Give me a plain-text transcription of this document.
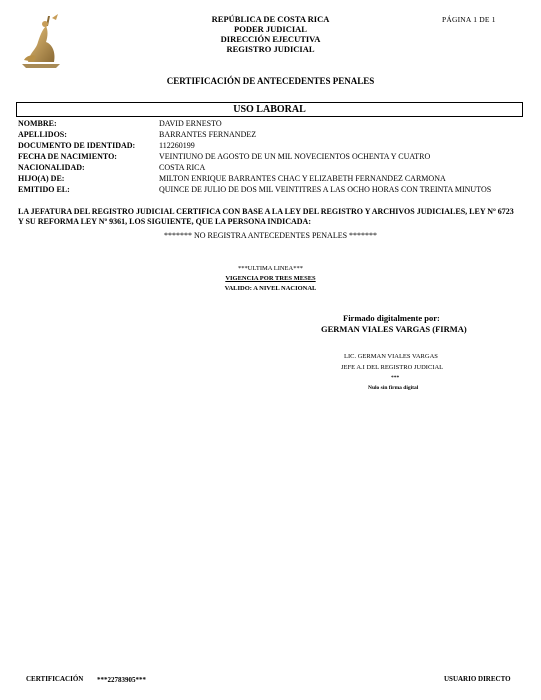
REPÚBLICA DE COSTA RICA
PODER JUDICIAL
DIRECCIÓN EJECUTIVA
REGISTRO JUDICIAL
PÁGINA 1 DE 1
CERTIFICACIÓN DE ANTECEDENTES PENALES
USO LABORAL
NOMBRE:	DAVID ERNESTO
APELLIDOS:	BARRANTES FERNANDEZ
DOCUMENTO DE IDENTIDAD:	112260199
FECHA DE NACIMIENTO:	VEINTIUNO DE AGOSTO DE UN MIL NOVECIENTOS OCHENTA Y CUATRO
NACIONALIDAD:	COSTA RICA
HIJO(A) DE:	MILTON ENRIQUE BARRANTES CHAC Y ELIZABETH FERNANDEZ CARMONA
EMITIDO EL:	QUINCE DE JULIO DE DOS MIL VEINTITRES A LAS OCHO HORAS CON TREINTA MINUTOS
LA JEFATURA DEL REGISTRO JUDICIAL CERTIFICA CON BASE A LA LEY DEL REGISTRO Y ARCHIVOS JUDICIALES, LEY Nº 6723 Y SU REFORMA LEY Nº 9361, LOS SIGUIENTE, QUE LA PERSONA INDICADA:
******* NO REGISTRA ANTECEDENTES PENALES *******
***ULTIMA LINEA***
VIGENCIA POR TRES MESES
VALIDO: A NIVEL NACIONAL
Firmado digitalmente por:
GERMAN VIALES VARGAS (FIRMA)
LIC. GERMAN VIALES VARGAS
JEFE A.I DEL REGISTRO JUDICIAL
***
Nulo sin firma digital
CERTIFICACIÓN ***22783905***	USUARIO DIRECTO
